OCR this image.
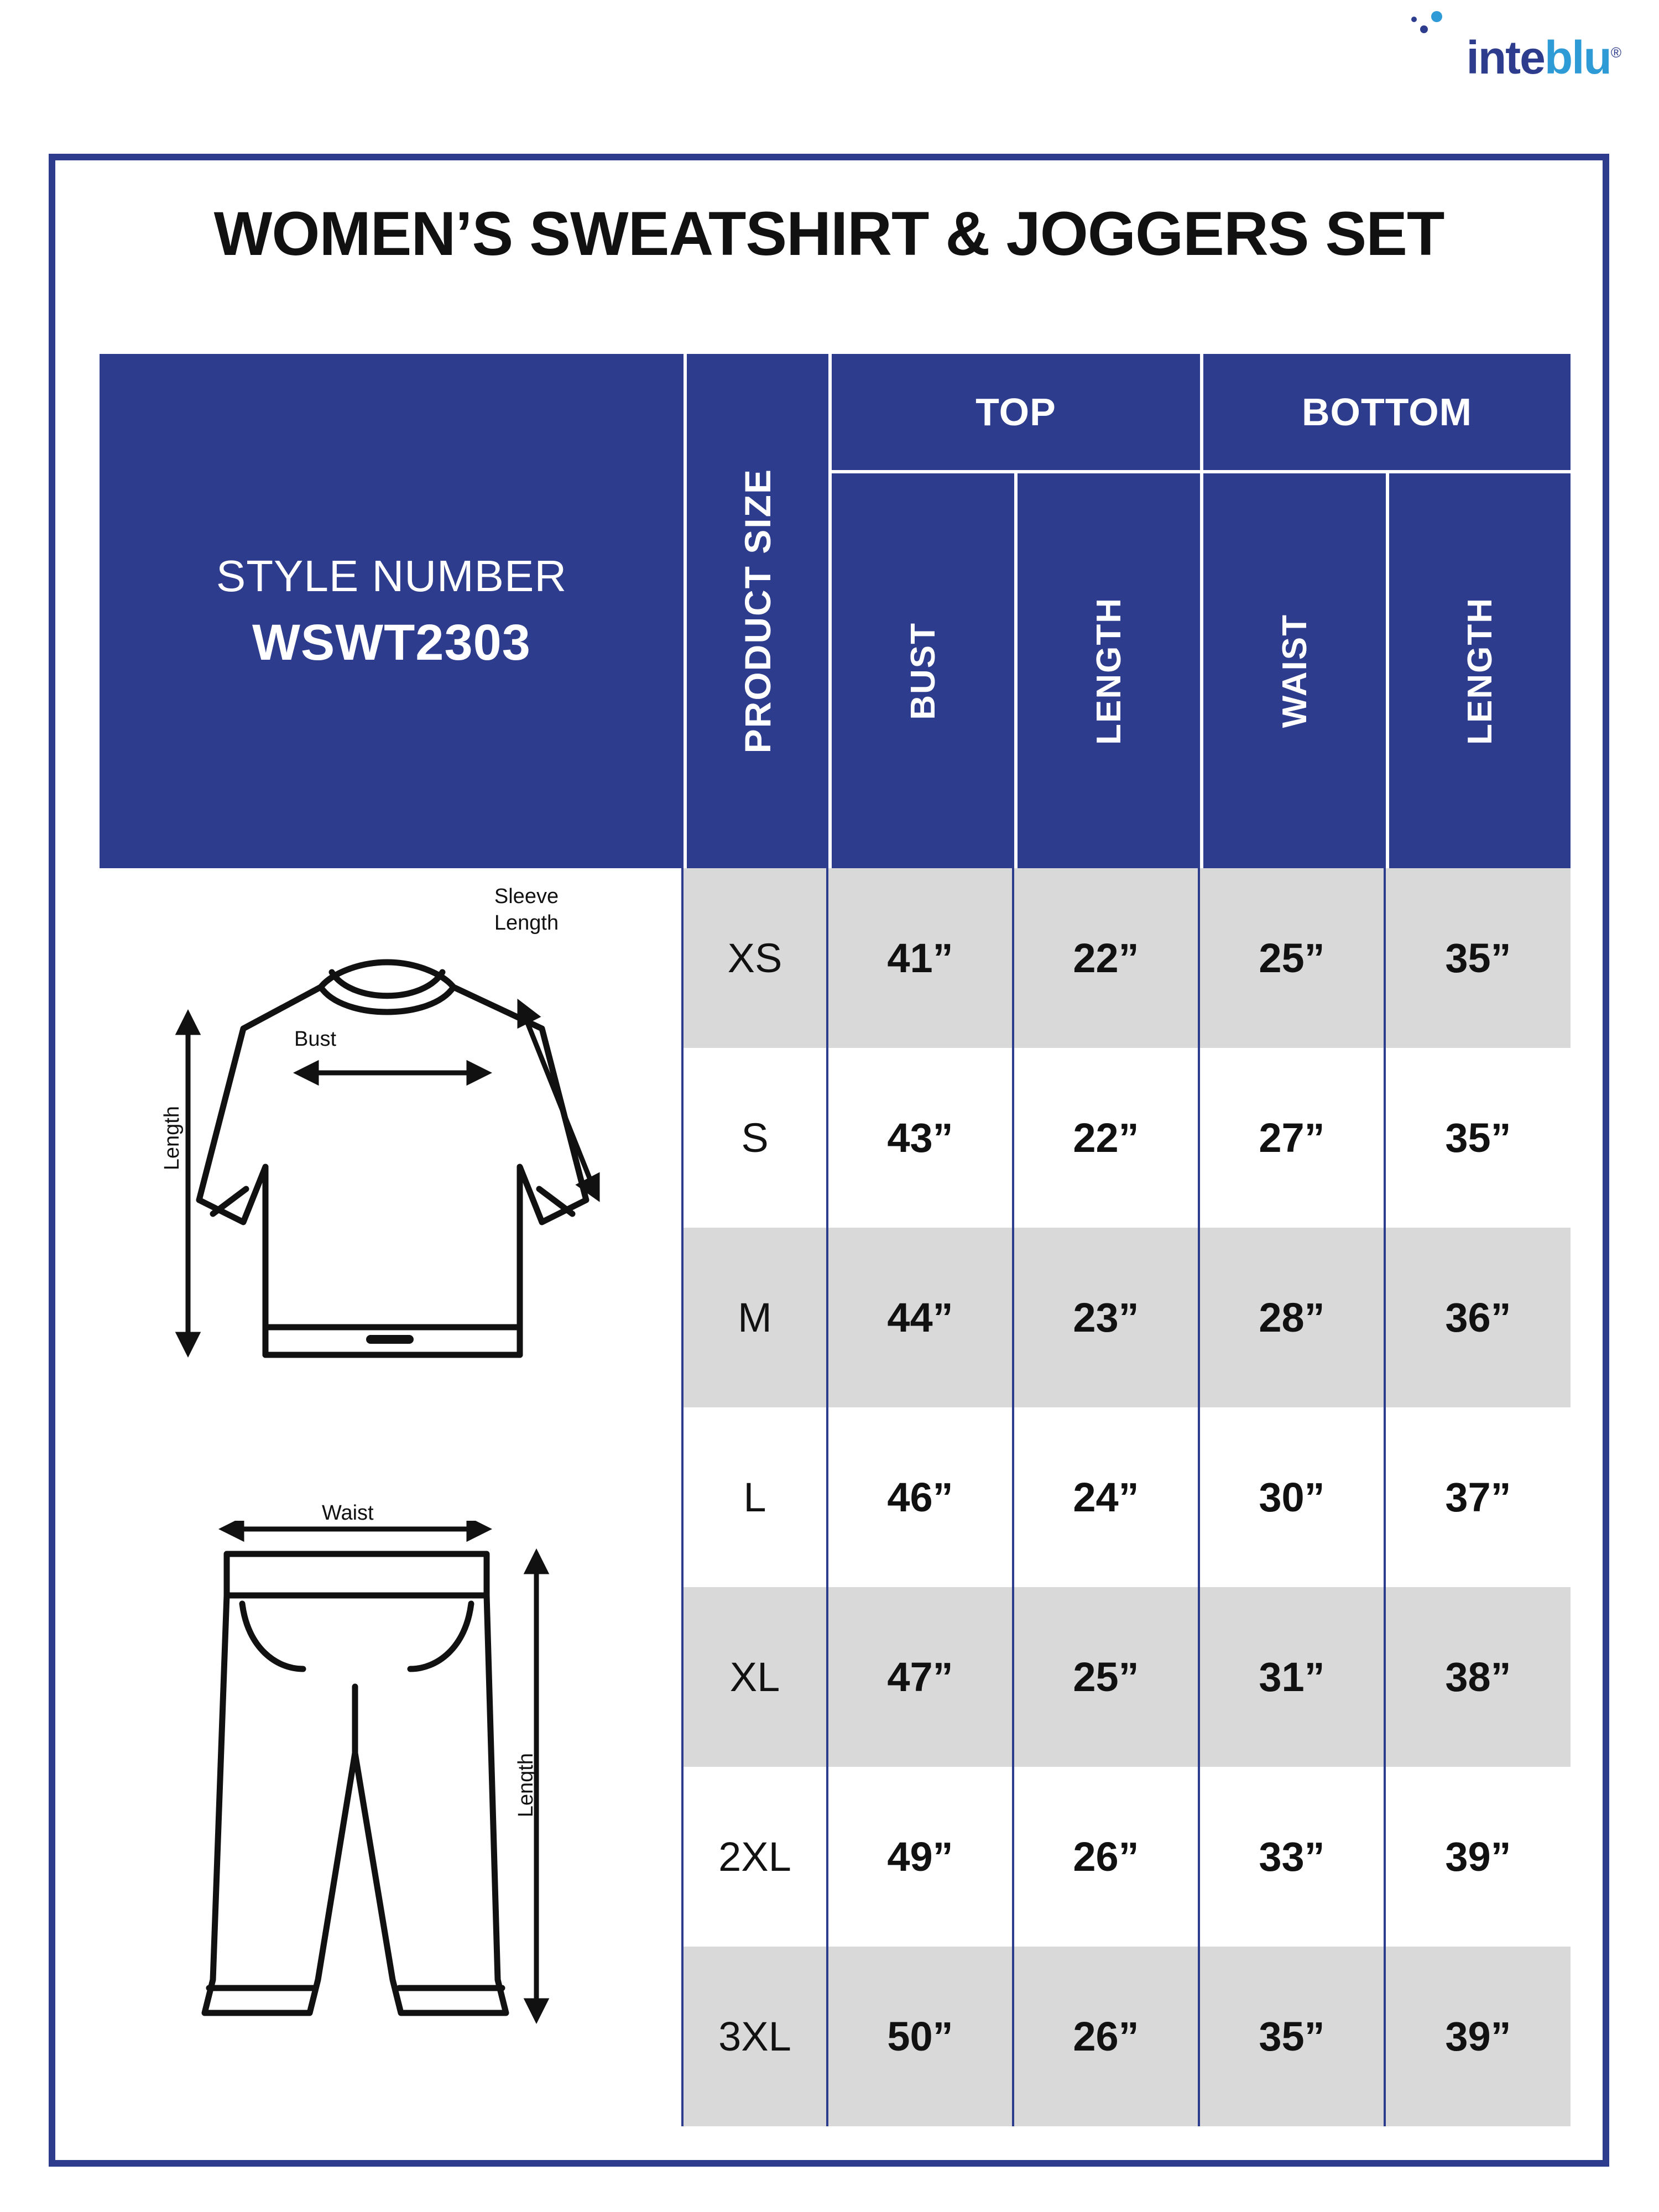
inteblu®
WOMEN’S SWEATSHIRT & JOGGERS SET
STYLE NUMBER
WSWT2303	PRODUCT SIZE
TOP	BOTTOM
BUST	LENGTH	WAIST	LENGTH
Sleeve
Length
Bust
Length
Waist
Length
XS	41”	22”	25”	35”
S	43”	22”	27”	35”
M	44”	23”	28”	36”
L	46”	24”	30”	37”
XL	47”	25”	31”	38”
2XL	49”	26”	33”	39”
3XL	50”	26”	35”	39”
